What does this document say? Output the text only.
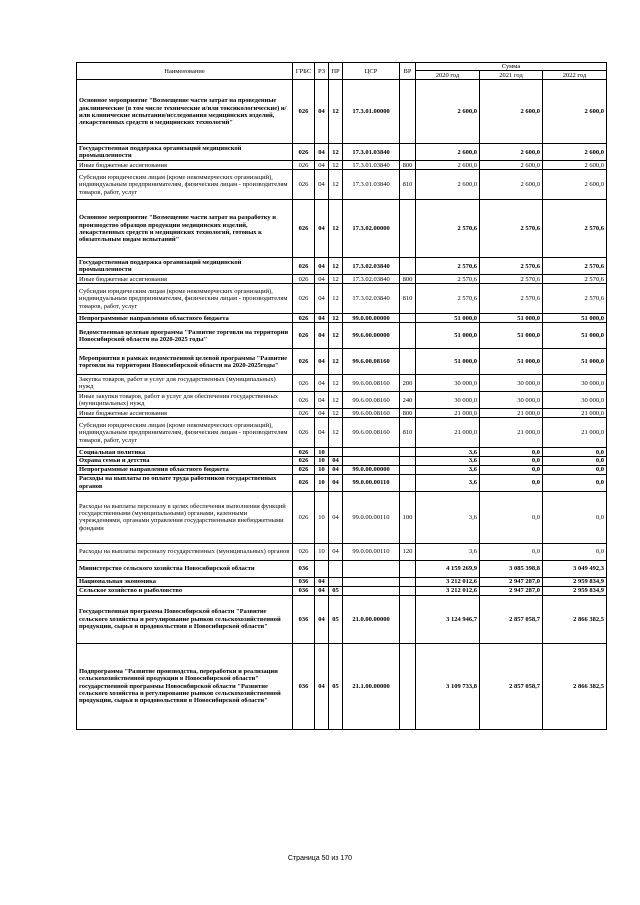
Наименование	ГРБС	РЗ	ПР	ЦСР	ВР	Сумма		
						2020 год	2021 год	2022 год
Основное мероприятие "Возмещение части затрат на проведенные доклинические (в том числе технические и/или токсикологические) и/или клинические испытания/исследования медицинских изделий, лекарственных средств и медицинских технологий"	026	04	12	17.3.01.00000		2 600,0	2 600,0	2 600,0
Государственная поддержка организаций медицинской промышленности	026	04	12	17.3.01.03840		2 600,0	2 600,0	2 600,0
Иные бюджетные ассигнования	026	04	12	17.3.01.03840	800	2 600,0	2 600,0	2 600,0
Субсидии юридическим лицам (кроме некоммерческих организаций), индивидуальным предпринимателям, физическим лицам - производителям товаров, работ, услуг	026	04	12	17.3.01.03840	810	2 600,0	2 600,0	2 600,0
Основное мероприятие "Возмещение части затрат на разработку и производство образцов продукции медицинских изделий, лекарственных средств и медицинских технологий, готовых к обязательным видам испытаний"	026	04	12	17.3.02.00000		2 570,6	2 570,6	2 570,6
Государственная поддержка организаций медицинской промышленности	026	04	12	17.3.02.03840		2 570,6	2 570,6	2 570,6
Иные бюджетные ассигнования	026	04	12	17.3.02.03840	800	2 570,6	2 570,6	2 570,6
Субсидии юридическим лицам (кроме некоммерческих организаций), индивидуальным предпринимателям, физическим лицам - производителям товаров, работ, услуг	026	04	12	17.3.02.03840	810	2 570,6	2 570,6	2 570,6
Непрограммные направления областного бюджета	026	04	12	99.0.00.00000		51 000,0	51 000,0	51 000,0
Ведомственная целевая программа "Развитие торговли на территории Новосибирской области на 2020-2025 годы"	026	04	12	99.6.00.00000		51 000,0	51 000,0	51 000,0
Мероприятия в рамках ведомственной целевой программы "Развитие торговли на территории Новосибирской области на 2020-2025годы"	026	04	12	99.6.00.08160		51 000,0	51 000,0	51 000,0
Закупка товаров, работ и услуг для государственных (муниципальных) нужд	026	04	12	99.6.00.08160	200	30 000,0	30 000,0	30 000,0
Иные закупки товаров, работ и услуг для обеспечения государственных (муниципальных) нужд	026	04	12	99.6.00.08160	240	30 000,0	30 000,0	30 000,0
Иные бюджетные ассигнования	026	04	12	99.6.00.08160	800	21 000,0	21 000,0	21 000,0
Субсидии юридическим лицам (кроме некоммерческих организаций), индивидуальным предпринимателям, физическим лицам - производителям товаров, работ, услуг	026	04	12	99.6.00.08160	810	21 000,0	21 000,0	21 000,0
Социальная политика	026	10				3,6	0,0	0,0
Охрана семьи и детства	026	10	04			3,6	0,0	0,0
Непрограммные направления областного бюджета	026	10	04	99.0.00.00000		3,6	0,0	0,0
Расходы на выплаты по оплате труда работников государственных органов	026	10	04	99.0.00.00110		3,6	0,0	0,0
Расходы на выплаты персоналу в целях обеспечения выполнения функций государственными (муниципальными) органами, казенными учреждениями, органами управления государственными внебюджетными фондами	026	10	04	99.0.00.00110	100	3,6	0,0	0,0
Расходы на выплаты персоналу государственных (муниципальных) органов	026	10	04	99.0.00.00110	120	3,6	0,0	0,0
Министерство сельского хозяйства Новосибирской области	036					4 159 269,9	3 085 398,8	3 049 492,3
Национальная экономика	036	04				3 212 012,6	2 947 287,0	2 959 834,9
Сельское хозяйство и рыболовство	036	04	05			3 212 012,6	2 947 287,0	2 959 834,9
Государственная программа Новосибирской области "Развитие сельского хозяйства и регулирование рынков сельскохозяйственной продукции, сырья и продовольствия в Новосибирской области"	036	04	05	21.0.00.00000		3 124 946,7	2 857 058,7	2 866 382,5
Подпрограмма "Развитие производства, переработки и реализации сельскохозяйственной продукции в Новосибирской области" государственной программы Новосибирской области "Развитие сельского хозяйства и регулирование рынков сельскохозяйственной продукции, сырья и продовольствия в Новосибирской области"	036	04	05	21.1.00.00000		3 109 733,8	2 857 058,7	2 866 382,5
Страница 50 из 170
